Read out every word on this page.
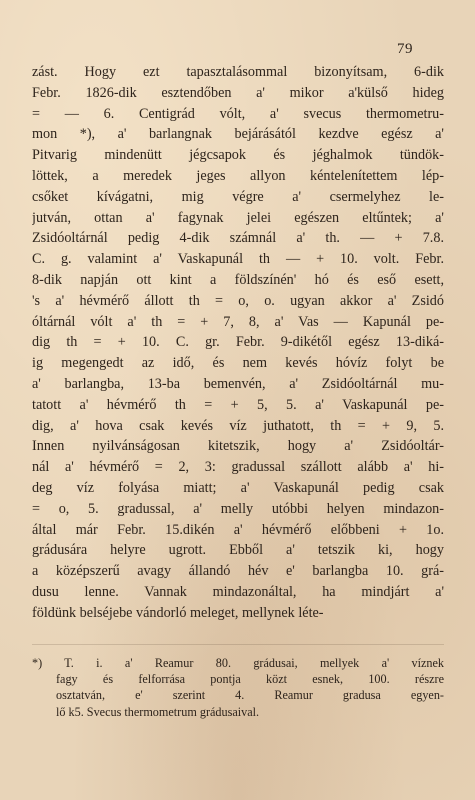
79
zást. Hogy ezt tapasztalásommal bizonyítsam, 6-dik
Febr. 1826-dik esztendőben a' mikor a'külső hideg
= — 6. Centigrád vólt, a' svecus thermometru-
mon *), a' barlangnak bejárásától kezdve egész a'
Pitvarig mindenütt jégcsapok és jéghalmok tündök-
löttek, a meredek jeges allyon kéntelenítettem lép-
csőket kívágatni, mig végre a' csermelyhez le-
jutván, ottan a' fagynak jelei egészen eltűntek; a'
Zsidóoltárnál pedig 4-dik számnál a' th. — + 7.8.
C. g. valamint a' Vaskapunál th — + 10. volt. Febr.
8-dik napján ott kint a földszínén' hó és eső esett,
's a' hévmérő állott th = o, o. ugyan akkor a' Zsidó
óltárnál vólt a' th = + 7, 8, a' Vas — Kapunál pe-
dig th = + 10. C. gr. Febr. 9-dikétől egész 13-diká-
ig megengedt az idő, és nem kevés hóvíz folyt be
a' barlangba, 13-ba bemenvén, a' Zsidóoltárnál mu-
tatott a' hévmérő th = + 5, 5. a' Vaskapunál pe-
dig, a' hova csak kevés víz juthatott, th = + 9, 5.
Innen nyilvánságosan kitetszik, hogy a' Zsidóoltár-
nál a' hévmérő = 2, 3: gradussal szállott alább a' hi-
deg víz folyása miatt; a' Vaskapunál pedig csak
= o, 5. gradussal, a' melly utóbbi helyen mindazon-
által már Febr. 15.dikén a' hévmérő előbbeni + 1o.
grádusára helyre ugrott. Ebből a' tetszik ki, hogy
a középszerű avagy állandó hév e' barlangba 10. grá-
dusu lenne. Vannak mindazonáltal, ha mindjárt a'
földünk belséjebe vándorló meleget, mellynek léte-
*) T. i. a' Reamur 80. grádusai, mellyek a' víznek
fagy és felforrása pontja közt esnek, 100. részre
osztatván, e' szerint 4. Reamur gradusa egyen-
lő k5. Svecus thermometrum grádusaival.
